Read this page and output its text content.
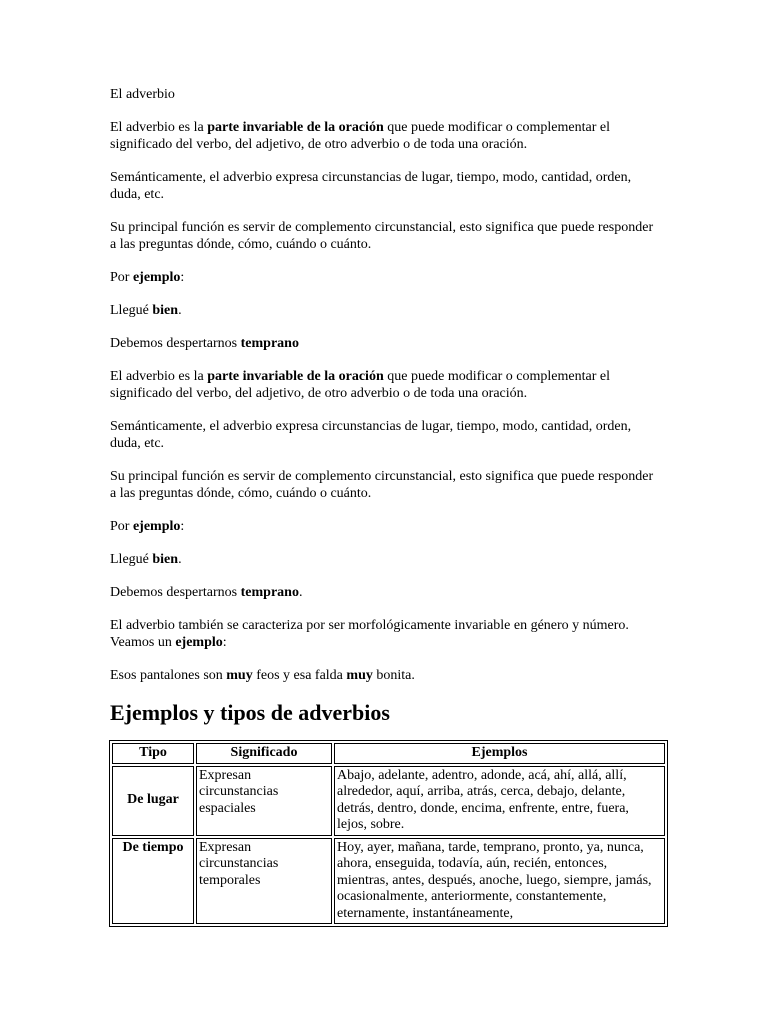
El adverbio

El adverbio es la parte invariable de la oración que puede modificar o complementar el significado del verbo, del adjetivo, de otro adverbio o de toda una oración.

Semánticamente, el adverbio expresa circunstancias de lugar, tiempo, modo, cantidad, orden, duda, etc.

Su principal función es servir de complemento circunstancial, esto significa que puede responder a las preguntas dónde, cómo, cuándo o cuánto.

Por ejemplo:

Llegué bien.

Debemos despertarnos temprano

El adverbio es la parte invariable de la oración que puede modificar o complementar el significado del verbo, del adjetivo, de otro adverbio o de toda una oración.

Semánticamente, el adverbio expresa circunstancias de lugar, tiempo, modo, cantidad, orden, duda, etc.

Su principal función es servir de complemento circunstancial, esto significa que puede responder a las preguntas dónde, cómo, cuándo o cuánto.

Por ejemplo:

Llegué bien.

Debemos despertarnos temprano.

El adverbio también se caracteriza por ser morfológicamente invariable en género y número. Veamos un ejemplo:

Esos pantalones son muy feos y esa falda muy bonita.

Ejemplos y tipos de adverbios
Tipo	Significado	Ejemplos
De lugar	Expresan circunstancias espaciales	Abajo, adelante, adentro, adonde, acá, ahí, allá, allí, alrededor, aquí, arriba, atrás, cerca, debajo, delante, detrás, dentro, donde, encima, enfrente, entre, fuera, lejos, sobre.
De tiempo	Expresan circunstancias temporales	Hoy, ayer, mañana, tarde, temprano, pronto, ya, nunca, ahora, enseguida, todavía, aún, recién, entonces, mientras, antes, después, anoche, luego, siempre, jamás, ocasionalmente, anteriormente, constantemente, eternamente, instantáneamente,
